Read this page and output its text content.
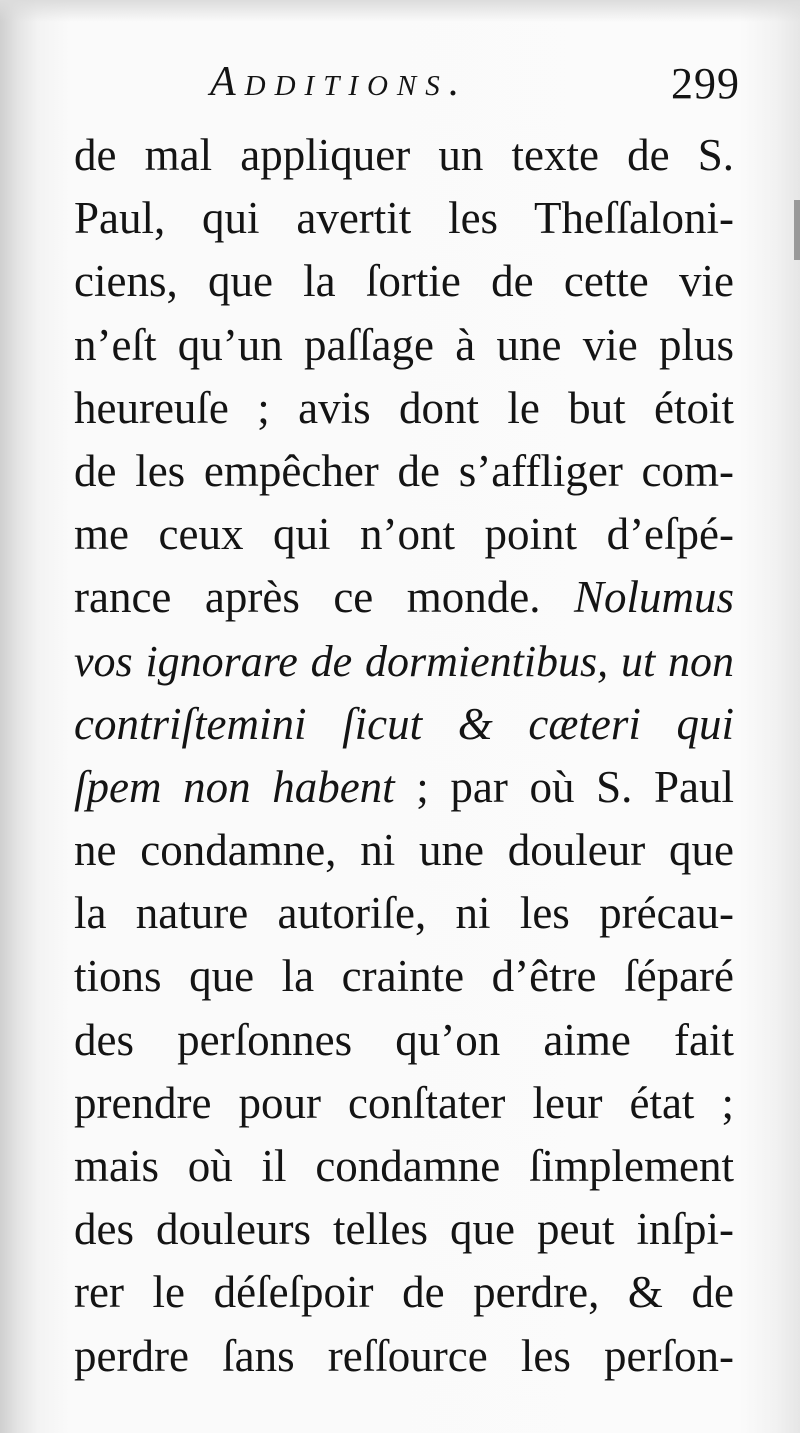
Additions.	299
de mal appliquer un texte de S.
Paul, qui avertit les Theſſaloni-
ciens, que la ſortie de cette vie
n’eſt qu’un paſſage à une vie plus
heureuſe ; avis dont le but étoit
de les empêcher de s’affliger com-
me ceux qui n’ont point d’eſpé-
rance après ce monde. Nolumus
vos ignorare de dormientibus, ut non
contriſtemini ſicut & cæteri qui
ſpem non habent ; par où S. Paul
ne condamne, ni une douleur que
la nature autoriſe, ni les précau-
tions que la crainte d’être ſéparé
des perſonnes qu’on aime fait
prendre pour conſtater leur état ;
mais où il condamne ſimplement
des douleurs telles que peut inſpi-
rer le déſeſpoir de perdre, & de
perdre ſans reſſource les perſon-
